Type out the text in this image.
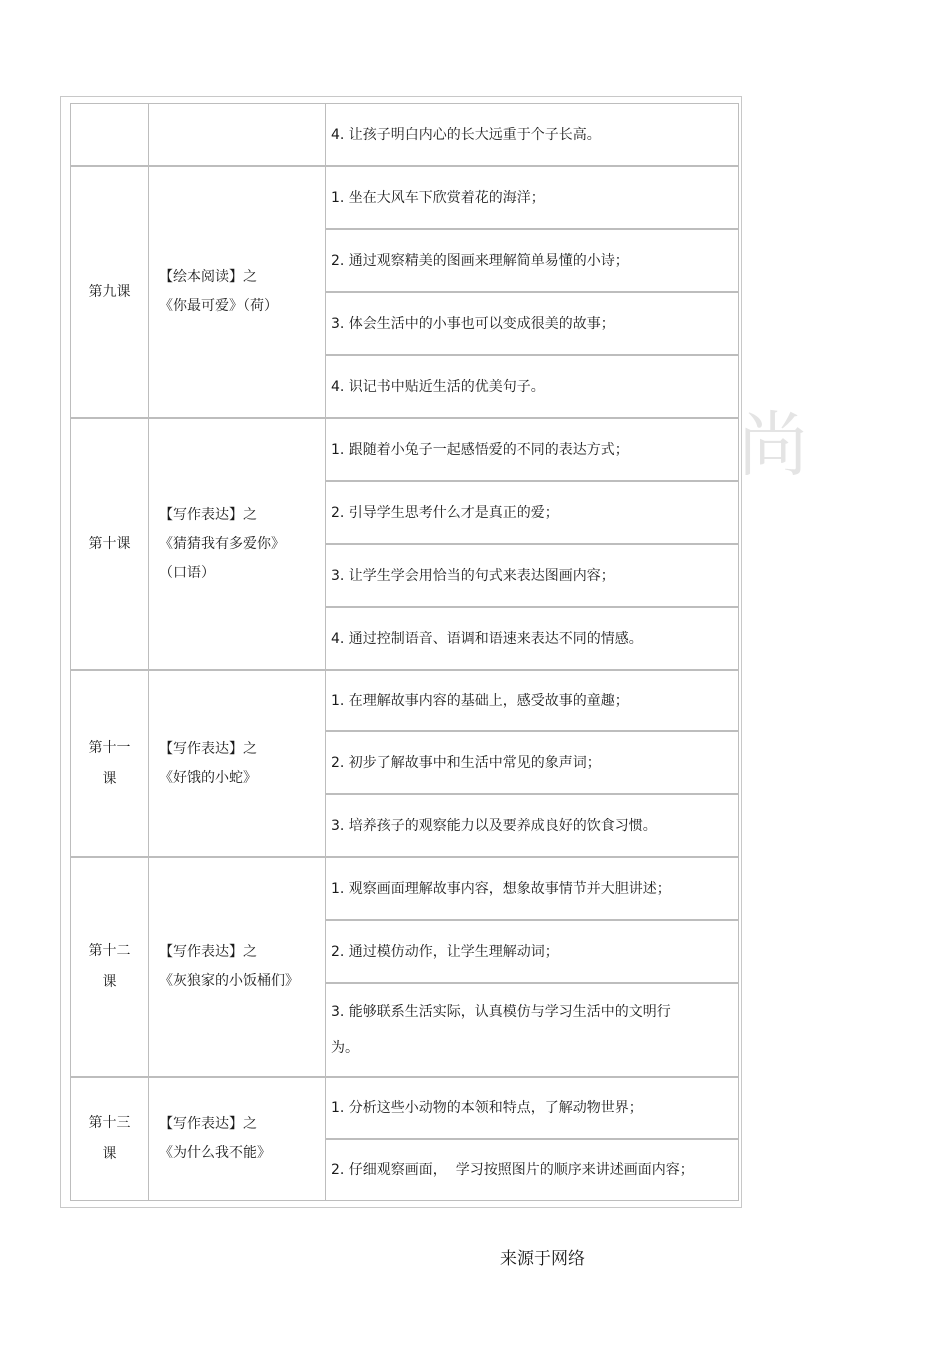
尚
来源于网络
4. 让孩子明白内心的长大远重于个子长高。
第九课
【绘本阅读】之
《你最可爱》（荷）
1. 坐在大风车下欣赏着花的海洋；
2. 通过观察精美的图画来理解简单易懂的小诗；
3. 体会生活中的小事也可以变成很美的故事；
4. 识记书中贴近生活的优美句子。
第十课
【写作表达】之
《猜猜我有多爱你》
（口语）
1. 跟随着小兔子一起感悟爱的不同的表达方式；
2. 引导学生思考什么才是真正的爱；
3. 让学生学会用恰当的句式来表达图画内容；
4. 通过控制语音、语调和语速来表达不同的情感。
第十一
课
【写作表达】之
《好饿的小蛇》
1. 在理解故事内容的基础上，感受故事的童趣；
2. 初步了解故事中和生活中常见的象声词；
3. 培养孩子的观察能力以及要养成良好的饮食习惯。
第十二
课
【写作表达】之
《灰狼家的小饭桶们》
1. 观察画面理解故事内容，想象故事情节并大胆讲述；
2. 通过模仿动作，让学生理解动词；
3. 能够联系生活实际，认真模仿与学习生活中的文明行
为。
第十三
课
【写作表达】之
《为什么我不能》
1. 分析这些小动物的本领和特点，了解动物世界；
2. 仔细观察画面，  学习按照图片的顺序来讲述画面内容；
